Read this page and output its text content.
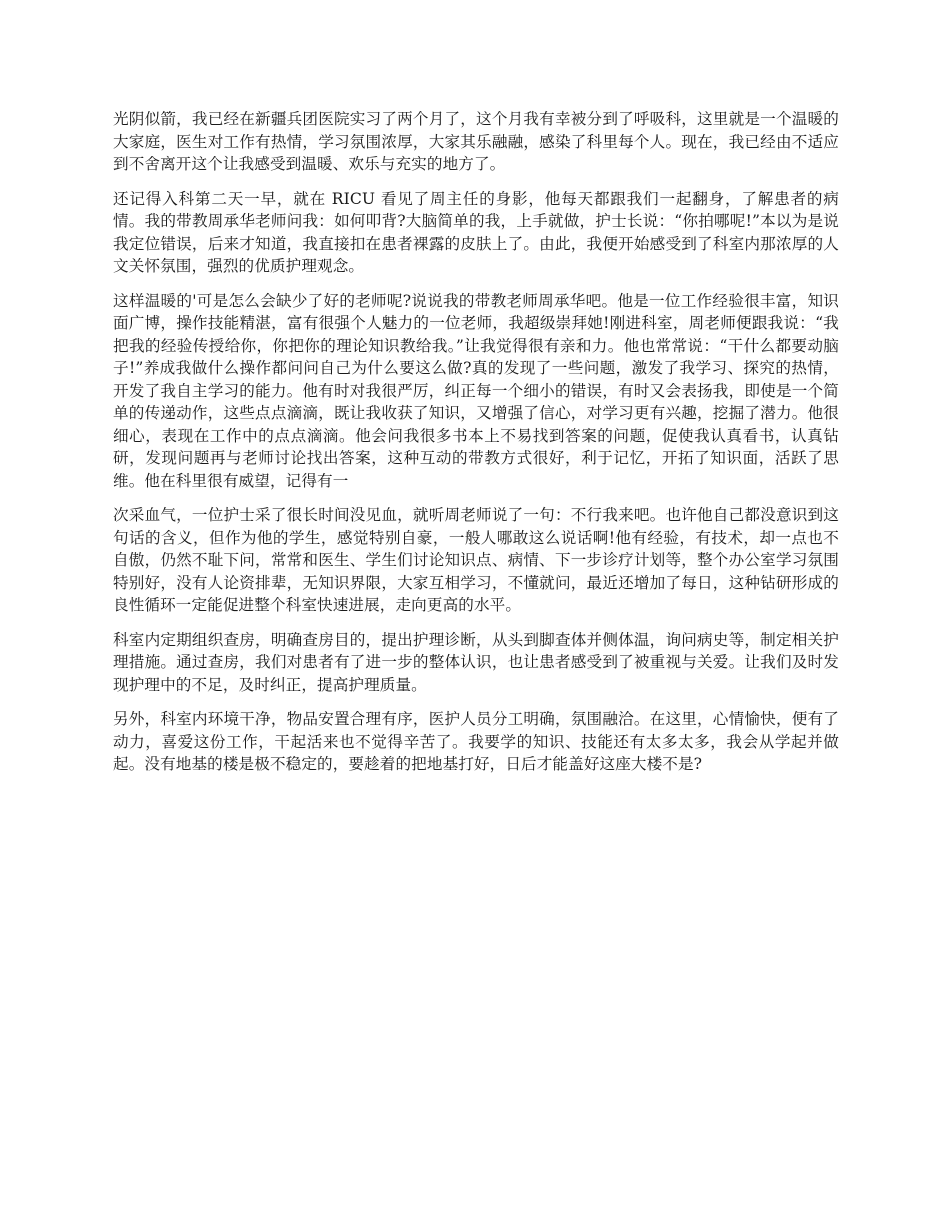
光阴似箭，我已经在新疆兵团医院实习了两个月了，这个月我有幸被分到了呼吸科，这里就是一个温暖的大家庭，医生对工作有热情，学习氛围浓厚，大家其乐融融，感染了科里每个人。现在，我已经由不适应到不舍离开这个让我感受到温暖、欢乐与充实的地方了。

还记得入科第二天一早，就在 RICU 看见了周主任的身影，他每天都跟我们一起翻身，了解患者的病情。我的带教周承华老师问我：如何叩背?大脑简单的我，上手就做，护士长说：“你拍哪呢!”本以为是说我定位错误，后来才知道，我直接扣在患者裸露的皮肤上了。由此，我便开始感受到了科室内那浓厚的人文关怀氛围，强烈的优质护理观念。

这样温暖的'可是怎么会缺少了好的老师呢?说说我的带教老师周承华吧。他是一位工作经验很丰富，知识面广博，操作技能精湛，富有很强个人魅力的一位老师，我超级崇拜她!刚进科室，周老师便跟我说：“我把我的经验传授给你，你把你的理论知识教给我。”让我觉得很有亲和力。他也常常说：“干什么都要动脑子!”养成我做什么操作都问问自己为什么要这么做?真的发现了一些问题，激发了我学习、探究的热情，开发了我自主学习的能力。他有时对我很严厉，纠正每一个细小的错误，有时又会表扬我，即使是一个简单的传递动作，这些点点滴滴，既让我收获了知识，又增强了信心，对学习更有兴趣，挖掘了潜力。他很细心，表现在工作中的点点滴滴。他会问我很多书本上不易找到答案的问题，促使我认真看书，认真钻研，发现问题再与老师讨论找出答案，这种互动的带教方式很好，利于记忆，开拓了知识面，活跃了思维。他在科里很有威望，记得有一

次采血气，一位护士采了很长时间没见血，就听周老师说了一句：不行我来吧。也许他自己都没意识到这句话的含义，但作为他的学生，感觉特别自豪，一般人哪敢这么说话啊!他有经验，有技术，却一点也不自傲，仍然不耻下问，常常和医生、学生们讨论知识点、病情、下一步诊疗计划等，整个办公室学习氛围特别好，没有人论资排辈，无知识界限，大家互相学习，不懂就问，最近还增加了每日，这种钻研形成的良性循环一定能促进整个科室快速进展，走向更高的水平。

科室内定期组织查房，明确查房目的，提出护理诊断，从头到脚查体并侧体温，询问病史等，制定相关护理措施。通过查房，我们对患者有了进一步的整体认识，也让患者感受到了被重视与关爱。让我们及时发现护理中的不足，及时纠正，提高护理质量。

另外，科室内环境干净，物品安置合理有序，医护人员分工明确，氛围融洽。在这里，心情愉快，便有了动力，喜爱这份工作，干起活来也不觉得辛苦了。我要学的知识、技能还有太多太多，我会从学起并做起。没有地基的楼是极不稳定的，要趁着的把地基打好，日后才能盖好这座大楼不是?
